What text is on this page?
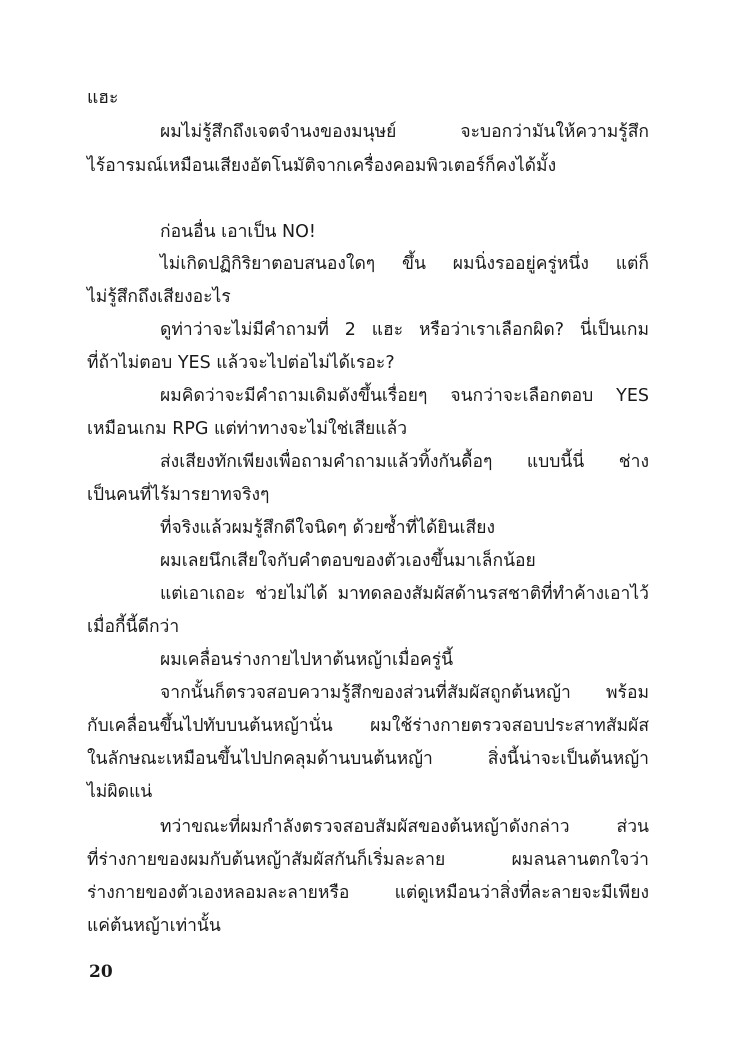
แฮะ
ผมไม่รู้สึกถึงเจตจำนงของมนุษย์ จะบอกว่ามันให้ความรู้สึก
ไร้อารมณ์เหมือนเสียงอัตโนมัติจากเครื่องคอมพิวเตอร์ก็คงได้มั้ง
ก่อนอื่น เอาเป็น NO!
ไม่เกิดปฏิกิริยาตอบสนองใดๆ ขึ้น ผมนิ่งรออยู่ครู่หนึ่ง แต่ก็
ไม่รู้สึกถึงเสียงอะไร
ดูท่าว่าจะไม่มีคำถามที่ 2 แฮะ หรือว่าเราเลือกผิด? นี่เป็นเกม
ที่ถ้าไม่ตอบ YES แล้วจะไปต่อไม่ได้เรอะ?
ผมคิดว่าจะมีคำถามเดิมดังขึ้นเรื่อยๆ จนกว่าจะเลือกตอบ YES
เหมือนเกม RPG แต่ท่าทางจะไม่ใช่เสียแล้ว
ส่งเสียงทักเพียงเพื่อถามคำถามแล้วทิ้งกันดื้อๆ แบบนี้นี่ ช่าง
เป็นคนที่ไร้มารยาทจริงๆ
ที่จริงแล้วผมรู้สึกดีใจนิดๆ ด้วยซ้ำที่ได้ยินเสียง
ผมเลยนึกเสียใจกับคำตอบของตัวเองขึ้นมาเล็กน้อย
แต่เอาเถอะ ช่วยไม่ได้ มาทดลองสัมผัสด้านรสชาติที่ทำค้างเอาไว้
เมื่อกี้นี้ดีกว่า
ผมเคลื่อนร่างกายไปหาต้นหญ้าเมื่อครู่นี้
จากนั้นก็ตรวจสอบความรู้สึกของส่วนที่สัมผัสถูกต้นหญ้า พร้อม
กับเคลื่อนขึ้นไปทับบนต้นหญ้านั่น ผมใช้ร่างกายตรวจสอบประสาทสัมผัส
ในลักษณะเหมือนขึ้นไปปกคลุมด้านบนต้นหญ้า สิ่งนี้น่าจะเป็นต้นหญ้า
ไม่ผิดแน่
ทว่าขณะที่ผมกำลังตรวจสอบสัมผัสของต้นหญ้าดังกล่าว ส่วน
ที่ร่างกายของผมกับต้นหญ้าสัมผัสกันก็เริ่มละลาย ผมลนลานตกใจว่า
ร่างกายของตัวเองหลอมละลายหรือ แต่ดูเหมือนว่าสิ่งที่ละลายจะมีเพียง
แค่ต้นหญ้าเท่านั้น
20
